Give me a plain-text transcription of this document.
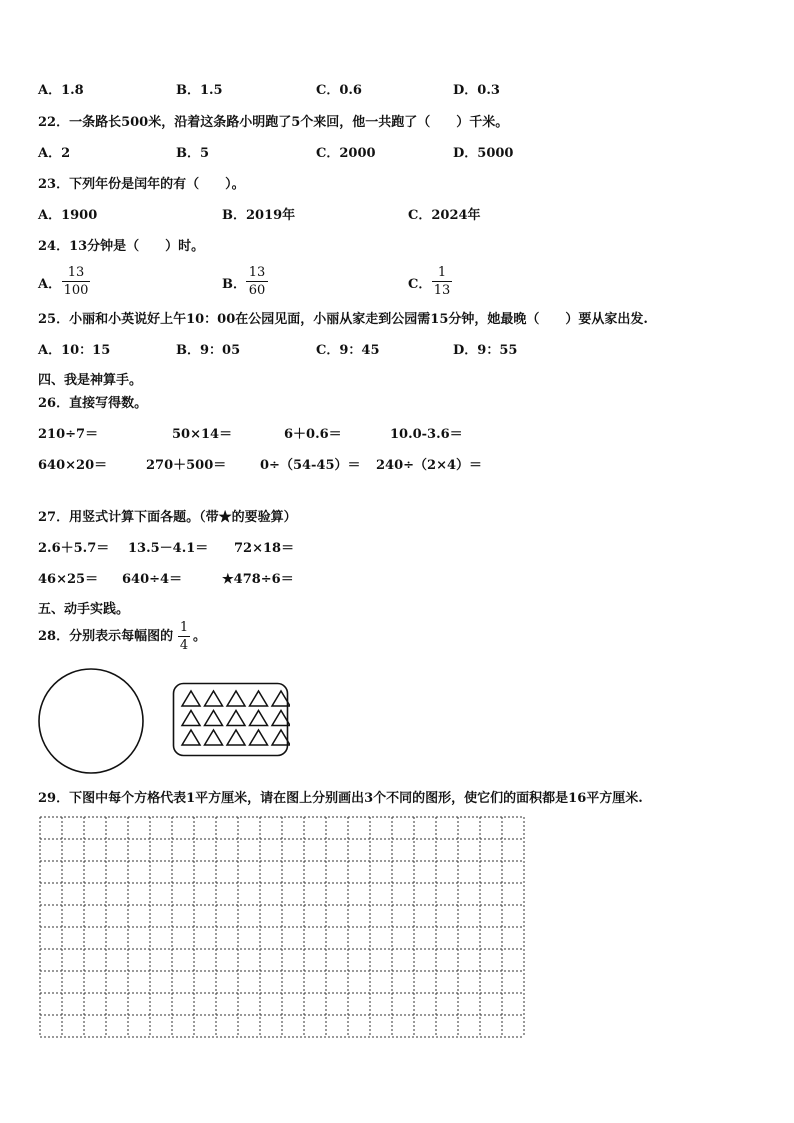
A．1.8	B．1.5	C．0.6	D．0.3
22．一条路长500米，沿着这条路小明跑了5个来回，他一共跑了（　　）千米。
A．2	B．5	C．2000	D．5000
23．下列年份是闰年的有（　　）。
A．1900	B．2019年	C．2024年
24．13分钟是（　　）时。
A．
13
100	B．
13
60	C．
1
13
25．小丽和小英说好上午10：00在公园见面，小丽从家走到公园需15分钟，她最晚（　　）要从家出发.
A．10：15	B．9：05	C．9：45	D．9：55
四、我是神算手。
26．直接写得数。
210÷7＝	50×14＝	6＋0.6＝	10.0-3.6＝
640×20＝	270＋500＝	0÷（54-45）＝ 240÷（2×4）＝
27．用竖式计算下面各题。（带★的要验算）
2.6＋5.7＝ 13.5－4.1＝ 72×18＝
46×25＝ 640÷4＝	★478÷6＝
五、动手实践。
28．分别表示每幅图的
1
4
。
29．下图中每个方格代表1平方厘米，请在图上分别画出3个不同的图形，使它们的面积都是16平方厘米.
